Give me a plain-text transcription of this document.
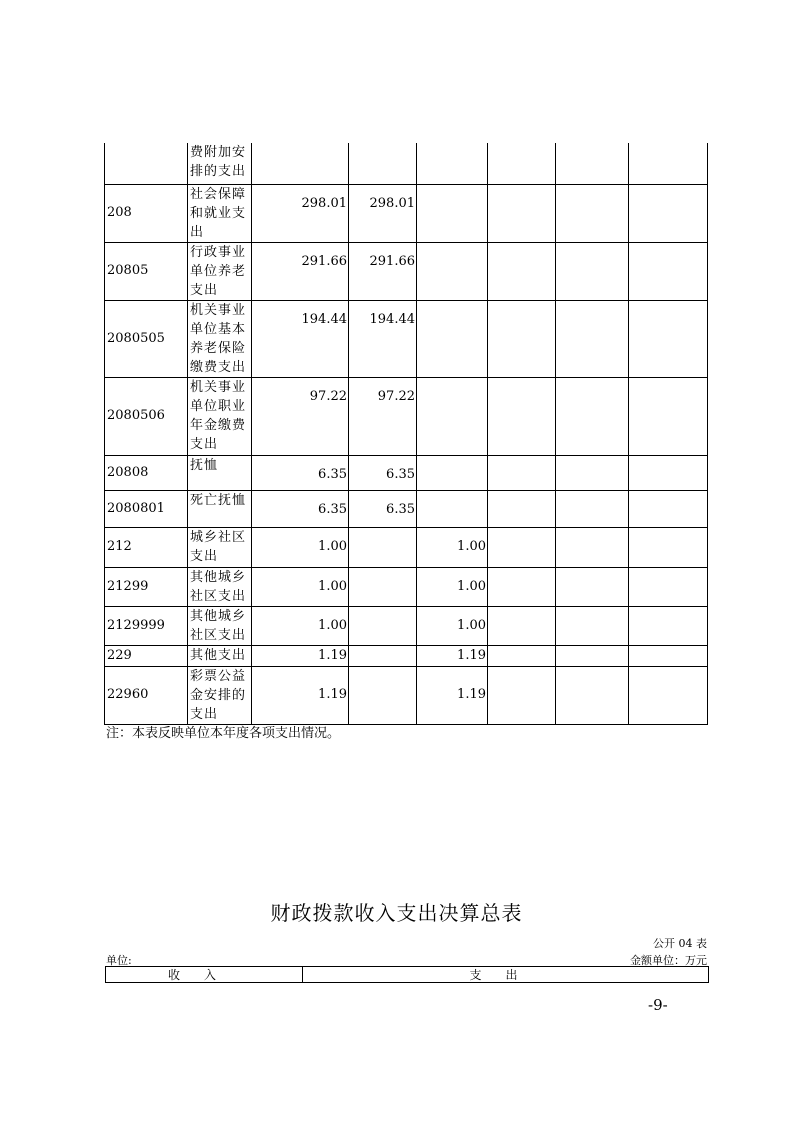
	费附加安排的支出						
208	社会保障和就业支出	298.01	298.01				
20805	行政事业单位养老支出	291.66	291.66				
2080505	机关事业单位基本养老保险缴费支出	194.44	194.44				
2080506	机关事业单位职业年金缴费支出	97.22	97.22				
20808	抚恤	6.35	6.35				
2080801	死亡抚恤	6.35	6.35				
212	城乡社区支出	1.00		1.00			
21299	其他城乡社区支出	1.00		1.00			
2129999	其他城乡社区支出	1.00		1.00			
229	其他支出	1.19		1.19			
22960	彩票公益金安排的支出	1.19		1.19			
注：本表反映单位本年度各项支出情况。
财政拨款收入支出决算总表
公开 04 表
单位:	金额单位：万元
收入	支出
-9-
